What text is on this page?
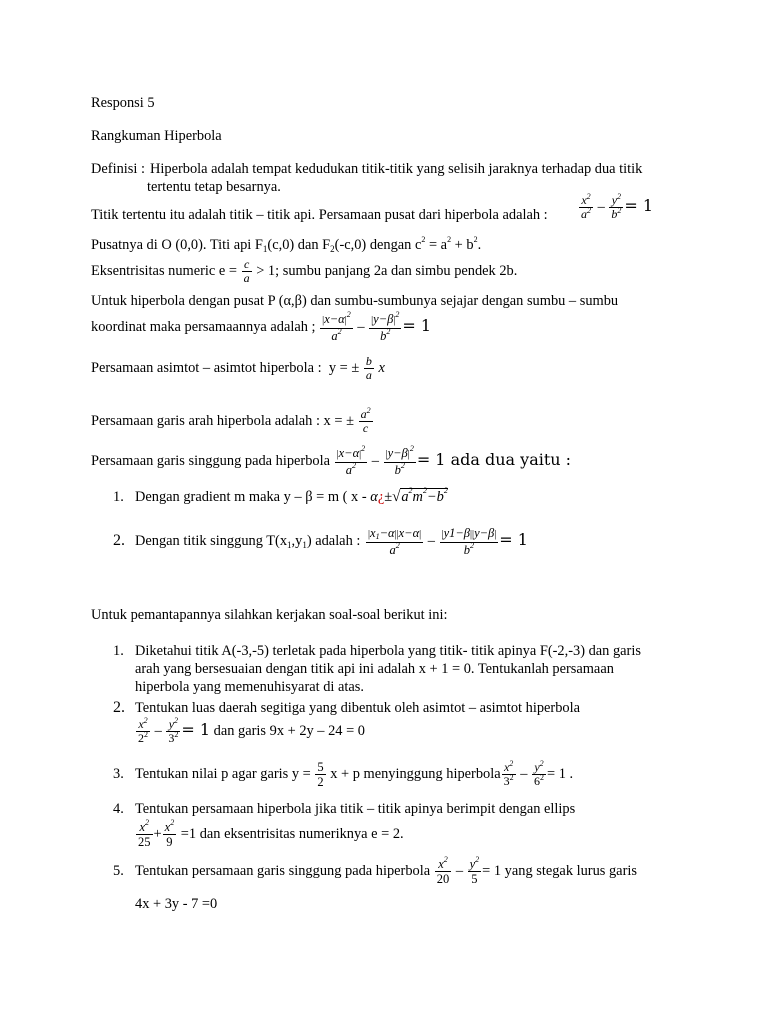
Responsi 5
Rangkuman Hiperbola
Definisi : Hiperbola adalah tempat kedudukan titik-titik yang selisih jaraknya terhadap dua titik
tertentu tetap besarnya.
Titik tertentu itu adalah titik – titik api. Persamaan pusat dari hiperbola adalah :	$\frac{x^2}{a^2} - \frac{y^2}{b^2} = 1$
Pusatnya di O (0,0). Titi api $F_1(c,0)$ dan $F_2(-c,0)$ dengan $c^2 = a^2 + b^2$.
Eksentrisitas numeric $e = \frac{c}{a} > 1$; sumbu panjang 2a dan simbu pendek 2b.
Untuk hiperbola dengan pusat P (α,β) dan sumbu-sumbunya sejajar dengan sumbu – sumbu
koordinat maka persamaannya adalah ; $\frac{|x-\alpha|^2}{a^2} - \frac{|y-\beta|^2}{b^2} = 1$
Persamaan asimtot – asimtot hiperbola : y = ± $\frac{b}{a}$ x
Persamaan garis arah hiperbola adalah : x = ± $\frac{a^2}{c}$
Persamaan garis singgung pada hiperbola $\frac{|x-\alpha|^2}{a^2} - \frac{|y-\beta|^2}{b^2} = 1$ ada dua yaitu :
1. Dengan gradient m maka y – β = m ( $x - \alpha¿\pm√a^2m^2-b^2$
2. Dengan titik singgung $T(x_1,y_1)$ adalah : $\frac{|x_1-\alpha||x-\alpha|}{a^2} - \frac{|y1-\beta||y-\beta|}{b^2} = 1$
Untuk pemantapannya silahkan kerjakan soal-soal berikut ini:
1. Diketahui titik A(-3,-5) terletak pada hiperbola yang titik- titik apinya F(-2,-3) dan garis
arah yang bersesuaian dengan titik api ini adalah x + 1 = 0. Tentukanlah persamaan
hiperbola yang memenuhisyarat di atas.
2. Tentukan luas daerah segitiga yang dibentuk oleh asimtot – asimtot hiperbola
$\frac{x^2}{2^2} - \frac{y^2}{3^2} = 1$ dan garis 9x + 2y – 24 = 0
3. Tentukan nilai p agar garis $y = \frac{5}{2}$ x + p menyinggung hiperbola $\frac{x^2}{3^2} - \frac{y^2}{6^2} = 1$ .
4. Tentukan persamaan hiperbola jika titik – titik apinya berimpit dengan ellips
$\frac{x^2}{25} + \frac{x^2}{9} =1$ dan eksentrisitas numeriknya e = 2.
5. Tentukan persamaan garis singgung pada hiperbola $\frac{x^2}{20} - \frac{y^2}{5} = 1$ yang stegak lurus garis
4x + 3y - 7 =0
